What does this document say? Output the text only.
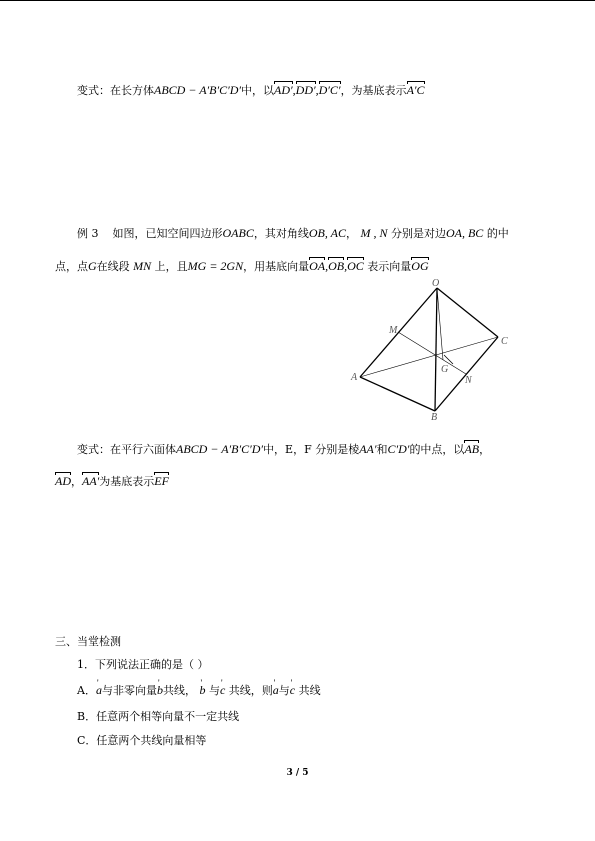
变式：在长方体ABCD − A′B′C′D′中，以AD′,DD′,D′C′，为基底表示A′C
例 3 如图，已知空间四边形OABC，其对角线OB, AC， M , N 分别是对边OA, BC 的中
点，点G在线段 MN 上，且MG = 2GN，用基底向量OA,OB,OC 表示向量OG
O
A
B
C
M
N
G
变式：在平行六面体ABCD − A′B′C′D′中，E，F 分别是棱AA′和C′D′的中点，以AB，
AD，AA′为基底表示EF
三、当堂检测
1．下列说法正确的是（ ）
A．' a与非零向量' b共线， ' b 与' c 共线，则' a与' c 共线
B．任意两个相等向量不一定共线
C．任意两个共线向量相等
3 / 5
